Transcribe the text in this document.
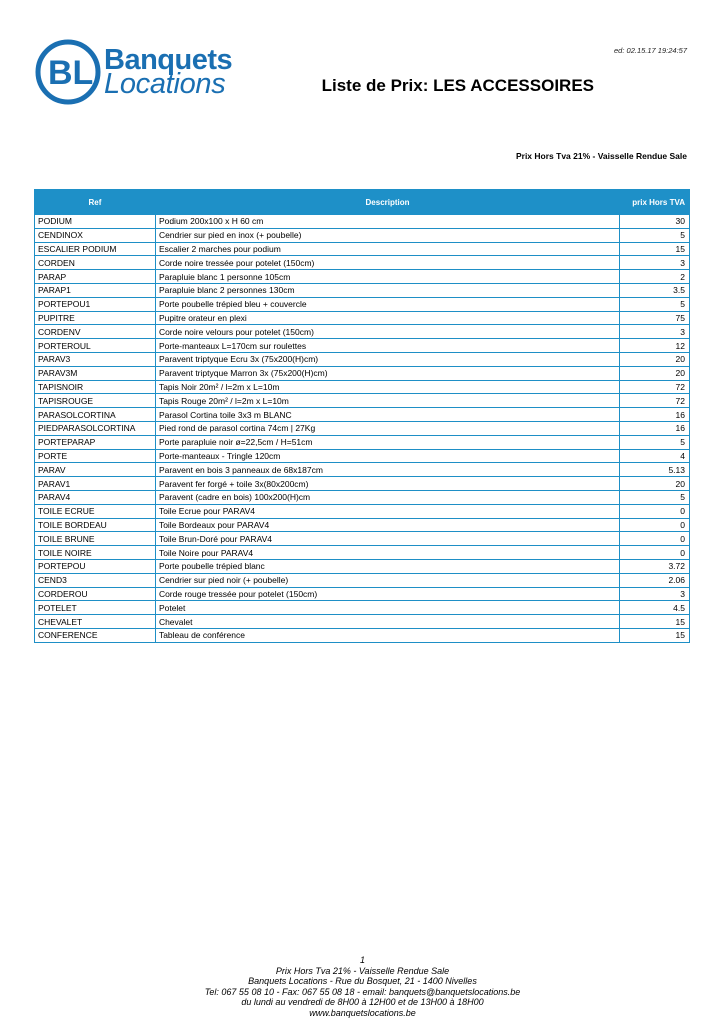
BL Banquets
Locations
ed: 02.15.17 19:24:57
Liste de Prix: LES ACCESSOIRES
Prix Hors Tva 21% - Vaisselle Rendue Sale
Ref	Description	prix Hors TVA
PODIUM	Podium 200x100 x H 60 cm	30
CENDINOX	Cendrier sur pied en inox (+ poubelle)	5
ESCALIER PODIUM	Escalier 2 marches pour podium	15
CORDEN	Corde noire tressée pour potelet (150cm)	3
PARAP	Parapluie blanc 1 personne 105cm	2
PARAP1	Parapluie blanc 2 personnes 130cm	3.5
PORTEPOU1	Porte poubelle trépied bleu + couvercle	5
PUPITRE	Pupitre orateur en plexi	75
CORDENV	Corde noire velours pour potelet (150cm)	3
PORTEROUL	Porte-manteaux L=170cm sur roulettes	12
PARAV3	Paravent triptyque Ecru 3x (75x200(H)cm)	20
PARAV3M	Paravent triptyque Marron 3x (75x200(H)cm)	20
TAPISNOIR	Tapis Noir 20m² / l=2m x L=10m	72
TAPISROUGE	Tapis Rouge 20m² / l=2m x L=10m	72
PARASOLCORTINA	Parasol Cortina toile 3x3 m BLANC	16
PIEDPARASOLCORTINA	Pied rond de parasol cortina 74cm | 27Kg	16
PORTEPARAP	Porte parapluie noir ø=22,5cm / H=51cm	5
PORTE	Porte-manteaux - Tringle 120cm	4
PARAV	Paravent en bois 3 panneaux de 68x187cm	5.13
PARAV1	Paravent fer forgé + toile 3x(80x200cm)	20
PARAV4	Paravent (cadre en bois) 100x200(H)cm	5
TOILE ECRUE	Toile Ecrue pour PARAV4	0
TOILE BORDEAU	Toile Bordeaux pour PARAV4	0
TOILE BRUNE	Toile Brun-Doré pour PARAV4	0
TOILE NOIRE	Toile Noire pour PARAV4	0
PORTEPOU	Porte poubelle trépied blanc	3.72
CEND3	Cendrier sur pied noir (+ poubelle)	2.06
CORDEROU	Corde rouge tressée pour potelet (150cm)	3
POTELET	Potelet	4.5
CHEVALET	Chevalet	15
CONFERENCE	Tableau de conférence	15
1
Prix Hors Tva 21% - Vaisselle Rendue Sale
Banquets Locations - Rue du Bosquet, 21 - 1400 Nivelles
Tel: 067 55 08 10 - Fax: 067 55 08 18 - email: banquets@banquetslocations.be
du lundi au vendredi de 8H00 à 12H00 et de 13H00 à 18H00
www.banquetslocations.be
